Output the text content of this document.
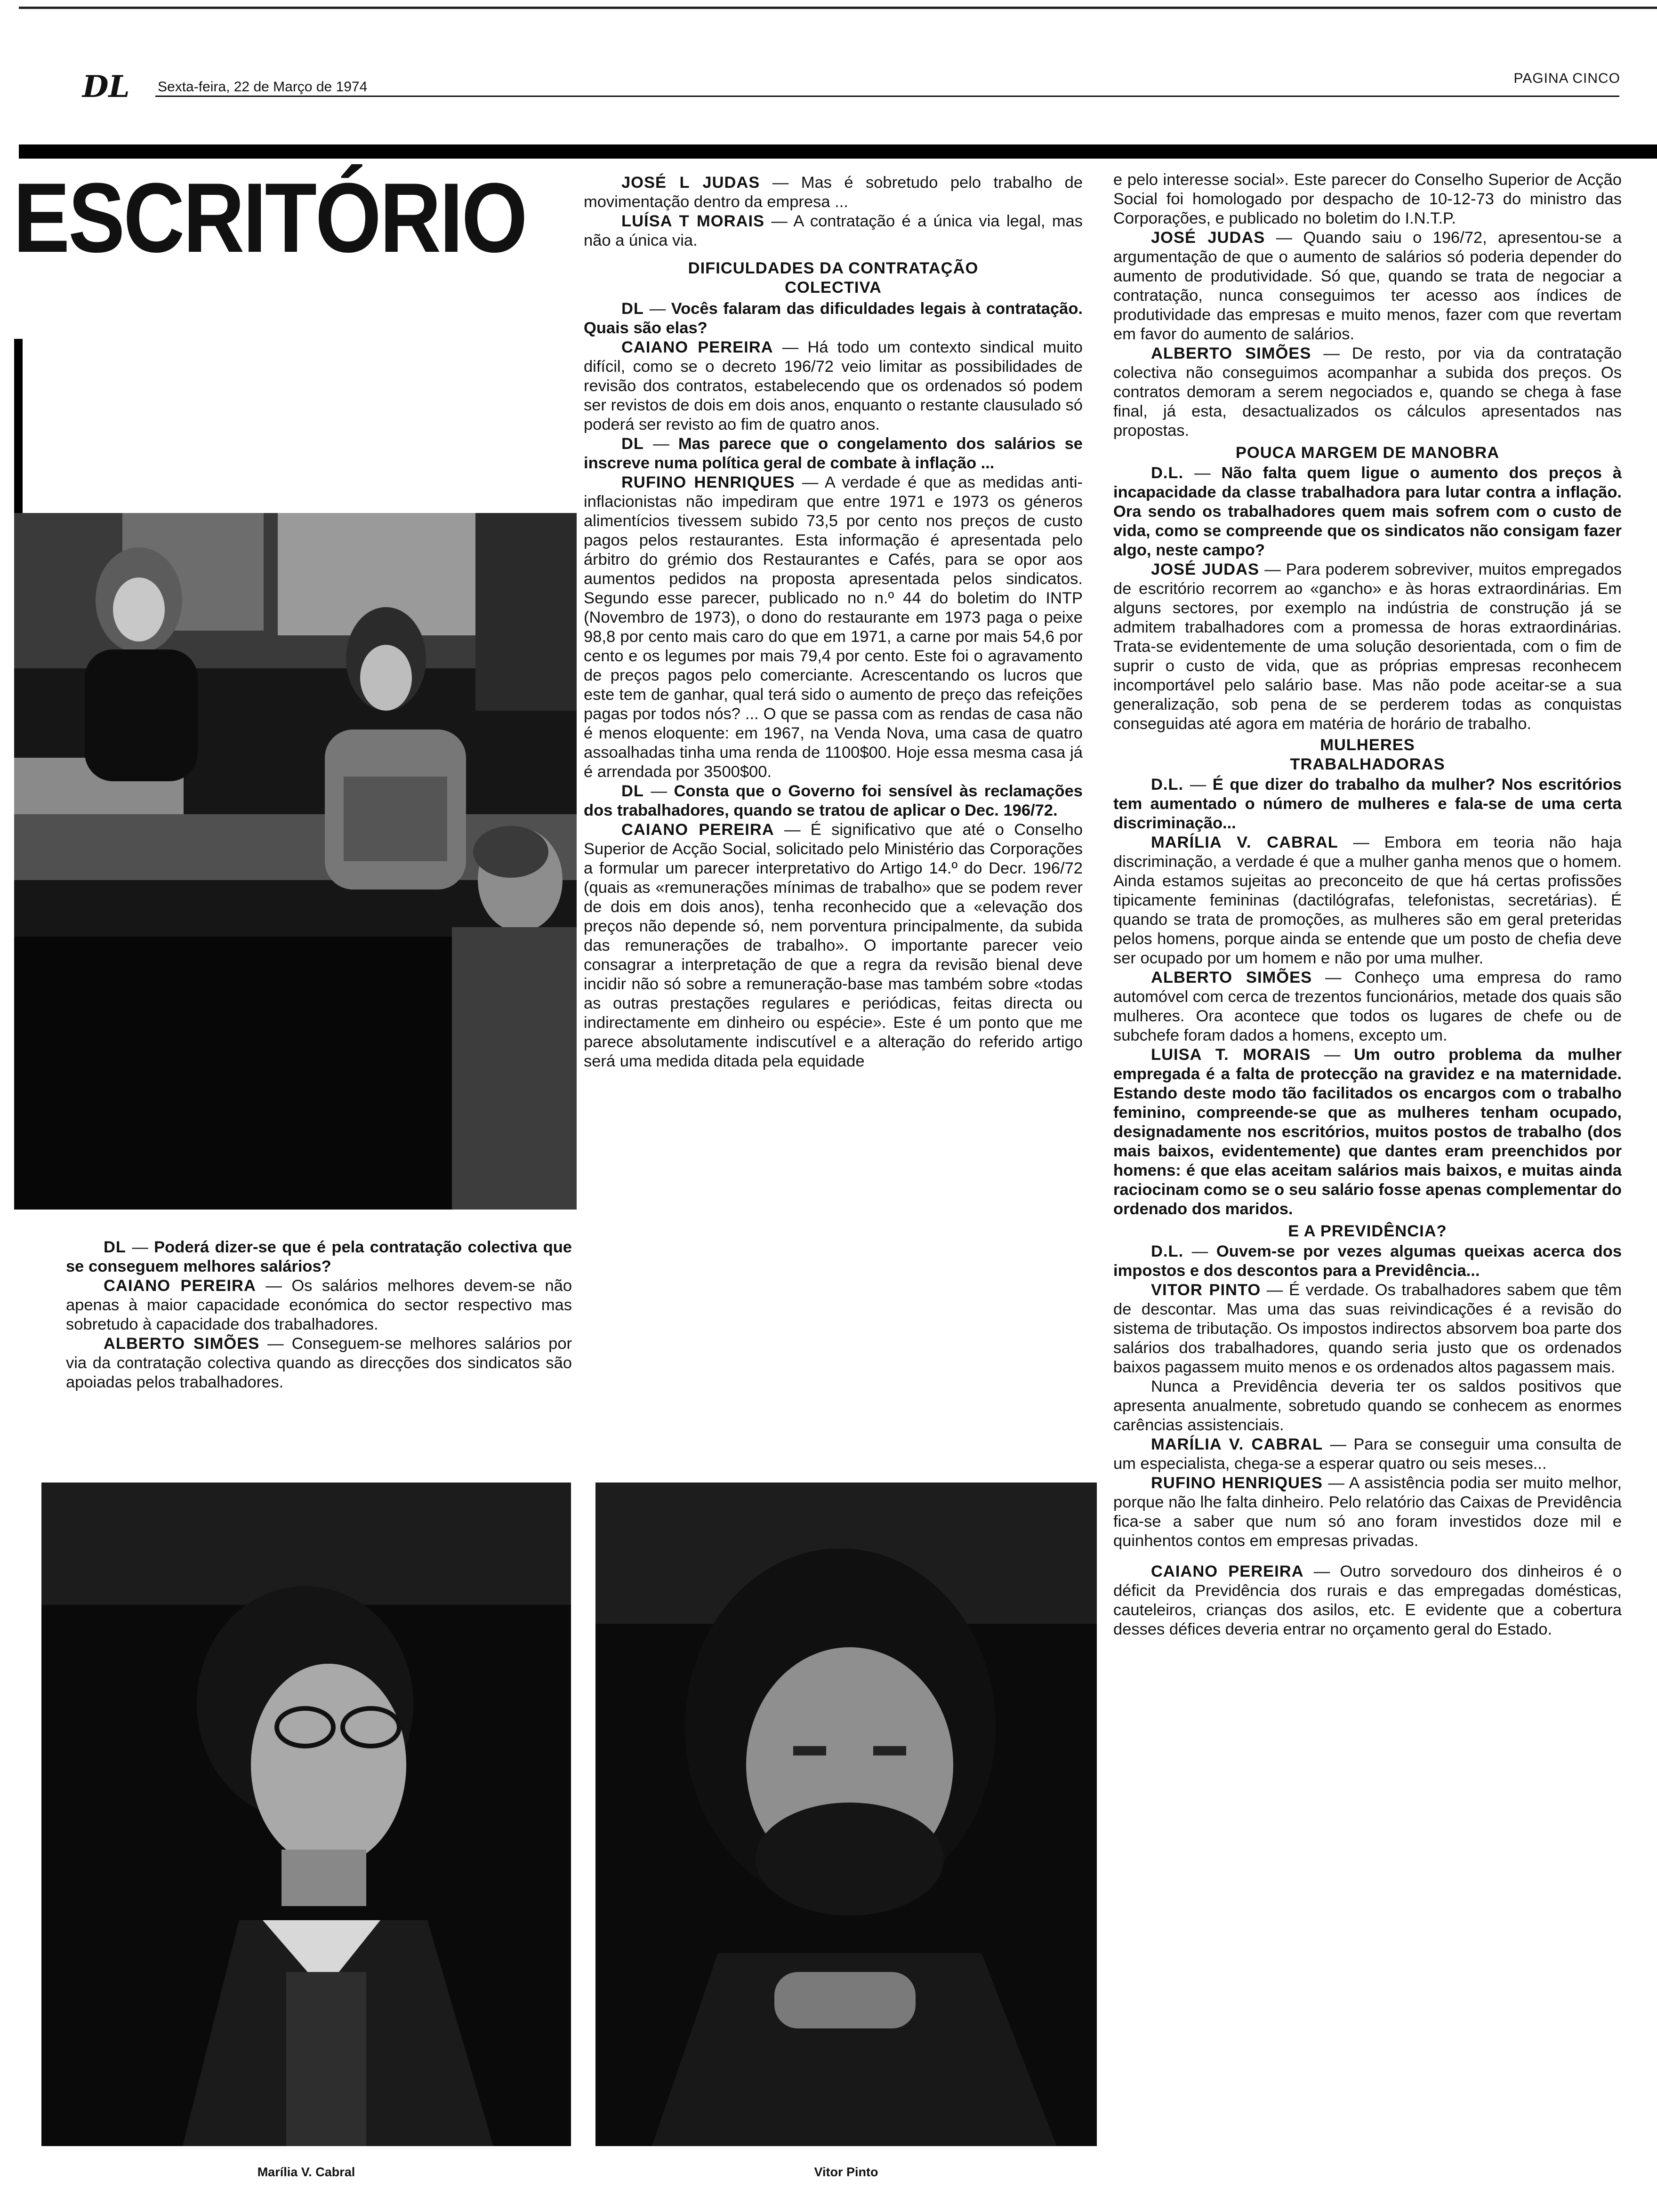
DL Sexta-feira, 22 de Março de 1974
PAGINA CINCO
ESCRITÓRIO

DL — Poderá dizer-se que é pela contratação colectiva que se conseguem melhores salários?

CAIANO PEREIRA — Os salários melhores devem-se não apenas à maior capacidade económica do sector respectivo mas sobretudo à capacidade dos trabalhadores.

ALBERTO SIMÕES — Conseguem-se melhores salários por via da contratação colectiva quando as direcções dos sindicatos são apoiadas pelos trabalhadores.

JOSÉ L JUDAS — Mas é sobretudo pelo trabalho de movimentação dentro da empresa ...

LUÍSA T MORAIS — A contratação é a única via legal, mas não a única via.

DIFICULDADES DA CONTRATAÇÃO COLECTIVA

DL — Vocês falaram das dificuldades legais à contratação. Quais são elas?

CAIANO PEREIRA — Há todo um contexto sindical muito difícil, como se o decreto 196/72 veio limitar as possibilidades de revisão dos contratos, estabelecendo que os ordenados só podem ser revistos de dois em dois anos, enquanto o restante clausulado só poderá ser revisto ao fim de quatro anos.

DL — Mas parece que o congelamento dos salários se inscreve numa política geral de combate à inflação ...

RUFINO HENRIQUES — A verdade é que as medidas anti-inflacionistas não impediram que entre 1971 e 1973 os géneros alimentícios tivessem subido 73,5 por cento nos preços de custo pagos pelos restaurantes. Esta informação é apresentada pelo árbitro do grémio dos Restaurantes e Cafés, para se opor aos aumentos pedidos na proposta apresentada pelos sindicatos. Segundo esse parecer, publicado no n.º 44 do boletim do INTP (Novembro de 1973), o dono do restaurante em 1973 paga o peixe 98,8 por cento mais caro do que em 1971, a carne por mais 54,6 por cento e os legumes por mais 79,4 por cento. Este foi o agravamento de preços pagos pelo comerciante. Acrescentando os lucros que este tem de ganhar, qual terá sido o aumento de preço das refeições pagas por todos nós? ... O que se passa com as rendas de casa não é menos eloquente: em 1967, na Venda Nova, uma casa de quatro assoalhadas tinha uma renda de 1100$00. Hoje essa mesma casa já é arrendada por 3500$00.

DL — Consta que o Governo foi sensível às reclamações dos trabalhadores, quando se tratou de aplicar o Dec. 196/72.

CAIANO PEREIRA — É significativo que até o Conselho Superior de Acção Social, solicitado pelo Ministério das Corporações a formular um parecer interpretativo do Artigo 14.º do Decr. 196/72 (quais as «remunerações mínimas de trabalho» que se podem rever de dois em dois anos), tenha reconhecido que a «elevação dos preços não depende só, nem porventura principalmente, da subida das remunerações de trabalho». O importante parecer veio consagrar a interpretação de que a regra da revisão bienal deve incidir não só sobre a remuneração-base mas também sobre «todas as outras prestações regulares e periódicas, feitas directa ou indirectamente em dinheiro ou espécie». Este é um ponto que me parece absolutamente indiscutível e a alteração do referido artigo será uma medida ditada pela equidade

e pelo interesse social». Este parecer do Conselho Superior de Acção Social foi homologado por despacho de 10-12-73 do ministro das Corporações, e publicado no boletim do I.N.T.P.

JOSÉ JUDAS — Quando saiu o 196/72, apresentou-se a argumentação de que o aumento de salários só poderia depender do aumento de produtividade. Só que, quando se trata de negociar a contratação, nunca conseguimos ter acesso aos índices de produtividade das empresas e muito menos, fazer com que revertam em favor do aumento de salários.

ALBERTO SIMÕES — De resto, por via da contratação colectiva não conseguimos acompanhar a subida dos preços. Os contratos demoram a serem negociados e, quando se chega à fase final, já esta, desactualizados os cálculos apresentados nas propostas.

POUCA MARGEM DE MANOBRA

D.L. — Não falta quem ligue o aumento dos preços à incapacidade da classe trabalhadora para lutar contra a inflação. Ora sendo os trabalhadores quem mais sofrem com o custo de vida, como se compreende que os sindicatos não consigam fazer algo, neste campo?

JOSÉ JUDAS — Para poderem sobreviver, muitos empregados de escritório recorrem ao «gancho» e às horas extraordinárias. Em alguns sectores, por exemplo na indústria de construção já se admitem trabalhadores com a promessa de horas extraordinárias. Trata-se evidentemente de uma solução desorientada, com o fim de suprir o custo de vida, que as próprias empresas reconhecem incomportável pelo salário base. Mas não pode aceitar-se a sua generalização, sob pena de se perderem todas as conquistas conseguidas até agora em matéria de horário de trabalho.

MULHERES TRABALHADORAS

D.L. — É que dizer do trabalho da mulher? Nos escritórios tem aumentado o número de mulheres e fala-se de uma certa discriminação...

MARÍLIA V. CABRAL — Embora em teoria não haja discriminação, a verdade é que a mulher ganha menos que o homem. Ainda estamos sujeitas ao preconceito de que há certas profissões tipicamente femininas (dactilógrafas, telefonistas, secretárias). É quando se trata de promoções, as mulheres são em geral preteridas pelos homens, porque ainda se entende que um posto de chefia deve ser ocupado por um homem e não por uma mulher.

ALBERTO SIMÕES — Conheço uma empresa do ramo automóvel com cerca de trezentos funcionários, metade dos quais são mulheres. Ora acontece que todos os lugares de chefe ou de subchefe foram dados a homens, excepto um.

LUISA T. MORAIS — Um outro problema da mulher empregada é a falta de protecção na gravidez e na maternidade. Estando deste modo tão facilitados os encargos com o trabalho feminino, compreende-se que as mulheres tenham ocupado, designadamente nos escritórios, muitos postos de trabalho (dos mais baixos, evidentemente) que dantes eram preenchidos por homens: é que elas aceitam salários mais baixos, e muitas ainda raciocinam como se o seu salário fosse apenas complementar do ordenado dos maridos.

E A PREVIDÊNCIA?

D.L. — Ouvem-se por vezes algumas queixas acerca dos impostos e dos descontos para a Previdência...

VITOR PINTO — É verdade. Os trabalhadores sabem que têm de descontar. Mas uma das suas reivindicações é a revisão do sistema de tributação. Os impostos indirectos absorvem boa parte dos salários dos trabalhadores, quando seria justo que os ordenados baixos pagassem muito menos e os ordenados altos pagassem mais.

Nunca a Previdência deveria ter os saldos positivos que apresenta anualmente, sobretudo quando se conhecem as enormes carências assistenciais.

MARÍLIA V. CABRAL — Para se conseguir uma consulta de um especialista, chega-se a esperar quatro ou seis meses...

RUFINO HENRIQUES — A assistência podia ser muito melhor, porque não lhe falta dinheiro. Pelo relatório das Caixas de Previdência fica-se a saber que num só ano foram investidos doze mil e quinhentos contos em empresas privadas.

CAIANO PEREIRA — Outro sorvedouro dos dinheiros é o déficit da Previdência dos rurais e das empregadas domésticas, cauteleiros, crianças dos asilos, etc. E evidente que a cobertura desses défices deveria entrar no orçamento geral do Estado.

Marília V. Cabral	Vitor Pinto
